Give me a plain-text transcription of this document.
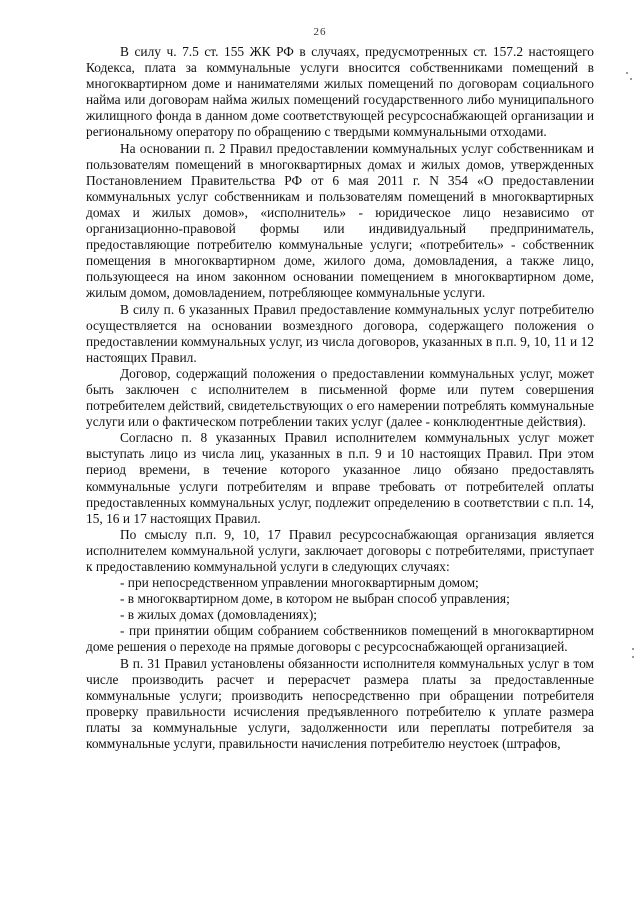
26

В силу ч. 7.5 ст. 155 ЖК РФ в случаях, предусмотренных ст. 157.2 настоящего Кодекса, плата за коммунальные услуги вносится собственниками помещений в многоквартирном доме и нанимателями жилых помещений по договорам социального найма или договорам найма жилых помещений государственного либо муниципального жилищного фонда в данном доме соответствующей ресурсоснабжающей организации и региональному оператору по обращению с твердыми коммунальными отходами.

На основании п. 2 Правил предоставлении коммунальных услуг собственникам и пользователям помещений в многоквартирных домах и жилых домов, утвержденных Постановлением Правительства РФ от 6 мая 2011 г. N 354 «О предоставлении коммунальных услуг собственникам и пользователям помещений в многоквартирных домах и жилых домов», «исполнитель» - юридическое лицо независимо от организационно-правовой формы или индивидуальный предприниматель, предоставляющие потребителю коммунальные услуги; «потребитель» - собственник помещения в многоквартирном доме, жилого дома, домовладения, а также лицо, пользующееся на ином законном основании помещением в многоквартирном доме, жилым домом, домовладением, потребляющее коммунальные услуги.

В силу п. 6 указанных Правил предоставление коммунальных услуг потребителю осуществляется на основании возмездного договора, содержащего положения о предоставлении коммунальных услуг, из числа договоров, указанных в п.п. 9, 10, 11 и 12 настоящих Правил.

Договор, содержащий положения о предоставлении коммунальных услуг, может быть заключен с исполнителем в письменной форме или путем совершения потребителем действий, свидетельствующих о его намерении потреблять коммунальные услуги или о фактическом потреблении таких услуг (далее - конклюдентные действия).

Согласно п. 8 указанных Правил исполнителем коммунальных услуг может выступать лицо из числа лиц, указанных в п.п. 9 и 10 настоящих Правил. При этом период времени, в течение которого указанное лицо обязано предоставлять коммунальные услуги потребителям и вправе требовать от потребителей оплаты предоставленных коммунальных услуг, подлежит определению в соответствии с п.п. 14, 15, 16 и 17 настоящих Правил.

По смыслу п.п. 9, 10, 17 Правил ресурсоснабжающая организация является исполнителем коммунальной услуги, заключает договоры с потребителями, приступает к предоставлению коммунальной услуги в следующих случаях:

- при непосредственном управлении многоквартирным домом;

- в многоквартирном доме, в котором не выбран способ управления;

- в жилых домах (домовладениях);

- при принятии общим собранием собственников помещений в многоквартирном доме решения о переходе на прямые договоры с ресурсоснабжающей организацией.

В п. 31 Правил установлены обязанности исполнителя коммунальных услуг в том числе производить расчет и перерасчет размера платы за предоставленные коммунальные услуги; производить непосредственно при обращении потребителя проверку правильности исчисления предъявленного потребителю к уплате размера платы за коммунальные услуги, задолженности или переплаты потребителя за коммунальные услуги, правильности начисления потребителю неустоек (штрафов,
